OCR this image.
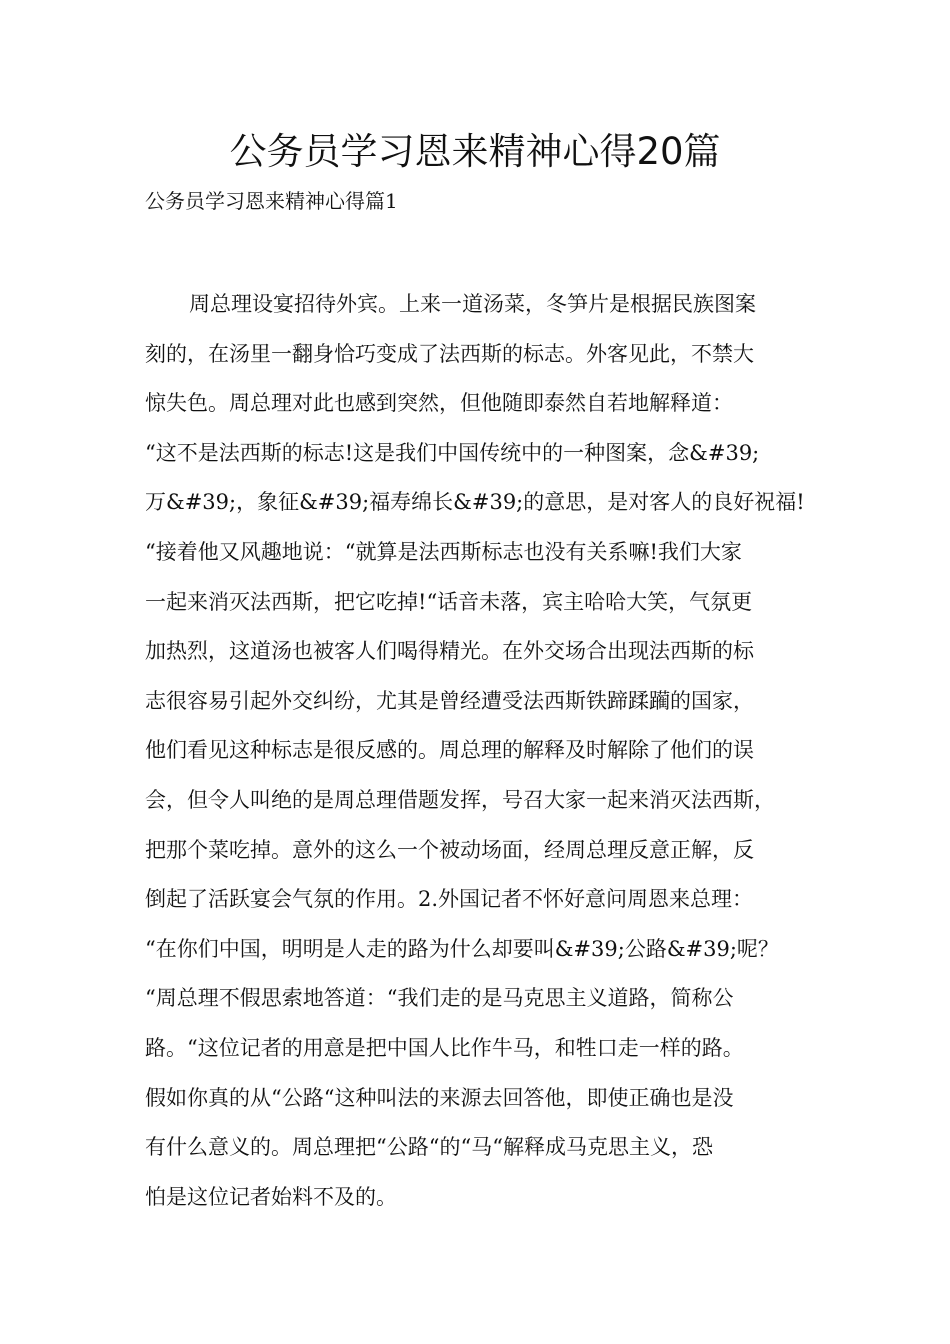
公务员学习恩来精神心得20篇

公务员学习恩来精神心得篇1

周总理设宴招待外宾。上来一道汤菜，冬笋片是根据民族图案
刻的，在汤里一翻身恰巧变成了法西斯的标志。外客见此，不禁大
惊失色。周总理对此也感到突然，但他随即泰然自若地解释道：
“这不是法西斯的标志!这是我们中国传统中的一种图案，念&#39;
万&#39;，象征&#39;福寿绵长&#39;的意思，是对客人的良好祝福!
“接着他又风趣地说：“就算是法西斯标志也没有关系嘛!我们大家
一起来消灭法西斯，把它吃掉!“话音未落，宾主哈哈大笑，气氛更
加热烈，这道汤也被客人们喝得精光。在外交场合出现法西斯的标
志很容易引起外交纠纷，尤其是曾经遭受法西斯铁蹄蹂躏的国家，
他们看见这种标志是很反感的。周总理的解释及时解除了他们的误
会，但令人叫绝的是周总理借题发挥，号召大家一起来消灭法西斯，
把那个菜吃掉。意外的这么一个被动场面，经周总理反意正解，反
倒起了活跃宴会气氛的作用。2.外国记者不怀好意问周恩来总理：
“在你们中国，明明是人走的路为什么却要叫&#39;公路&#39;呢？
“周总理不假思索地答道：“我们走的是马克思主义道路，简称公
路。“这位记者的用意是把中国人比作牛马，和牲口走一样的路。
假如你真的从“公路“这种叫法的来源去回答他，即使正确也是没
有什么意义的。周总理把“公路“的“马“解释成马克思主义，恐
怕是这位记者始料不及的。
